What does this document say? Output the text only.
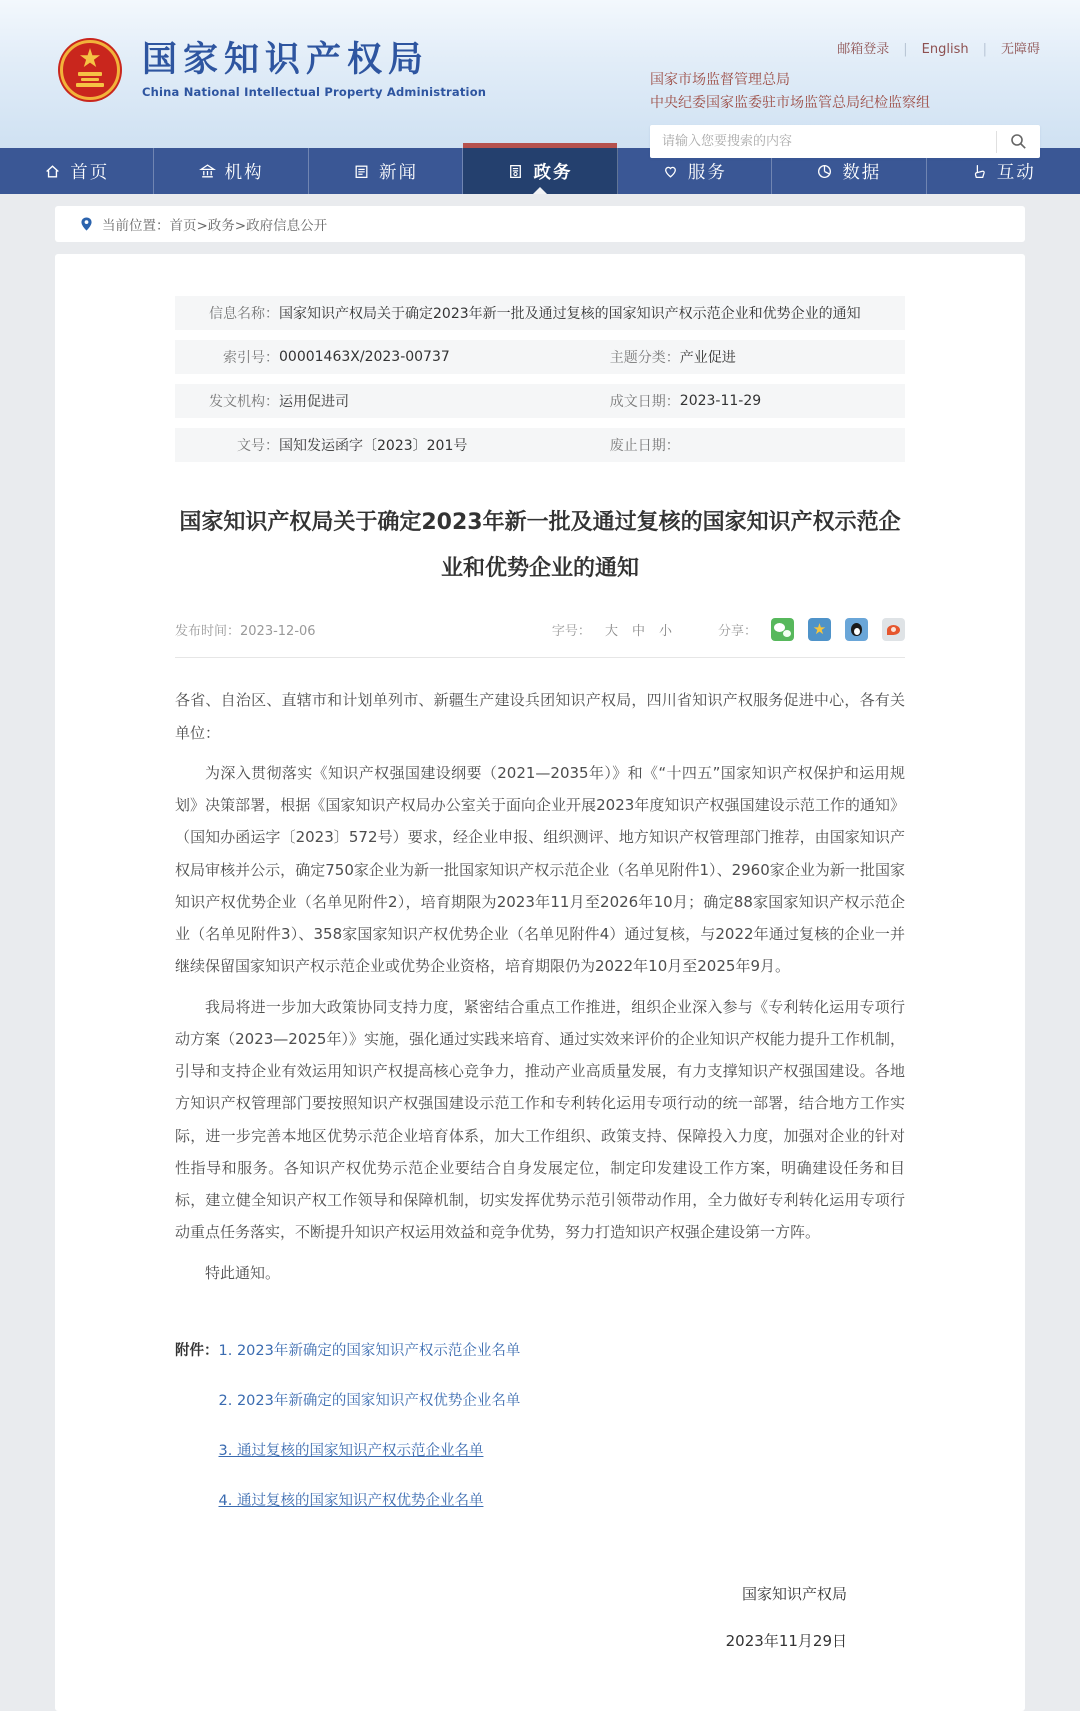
国家知识产权局
China National Intellectual Property Administration
邮箱登录 | English | 无障碍
国家市场监督管理总局
中央纪委国家监委驻市场监管总局纪检监察组
请输入您要搜索的内容
首页	机构	新闻	政务	服务	数据	互动
当前位置： 首页>政务>政府信息公开
信息名称： 国家知识产权局关于确定2023年新一批及通过复核的国家知识产权示范企业和优势企业的通知
索引号： 00001463X/2023-00737	主题分类： 产业促进
发文机构： 运用促进司	成文日期： 2023-11-29
文号： 国知发运函字〔2023〕201号	废止日期：
国家知识产权局关于确定2023年新一批及通过复核的国家知识产权示范企业和优势企业的通知
发布时间：2023-12-06	字号： 大 中 小	分享：	★

各省、自治区、直辖市和计划单列市、新疆生产建设兵团知识产权局，四川省知识产权服务促进中心，各有关单位：

为深入贯彻落实《知识产权强国建设纲要（2021—2035年）》和《“十四五”国家知识产权保护和运用规划》决策部署，根据《国家知识产权局办公室关于面向企业开展2023年度知识产权强国建设示范工作的通知》（国知办函运字〔2023〕572号）要求，经企业申报、组织测评、地方知识产权管理部门推荐，由国家知识产权局审核并公示，确定750家企业为新一批国家知识产权示范企业（名单见附件1）、2960家企业为新一批国家知识产权优势企业（名单见附件2），培育期限为2023年11月至2026年10月；确定88家国家知识产权示范企业（名单见附件3）、358家国家知识产权优势企业（名单见附件4）通过复核，与2022年通过复核的企业一并继续保留国家知识产权示范企业或优势企业资格，培育期限仍为2022年10月至2025年9月。

我局将进一步加大政策协同支持力度，紧密结合重点工作推进，组织企业深入参与《专利转化运用专项行动方案（2023—2025年）》实施，强化通过实践来培育、通过实效来评价的企业知识产权能力提升工作机制，引导和支持企业有效运用知识产权提高核心竞争力，推动产业高质量发展，有力支撑知识产权强国建设。各地方知识产权管理部门要按照知识产权强国建设示范工作和专利转化运用专项行动的统一部署，结合地方工作实际，进一步完善本地区优势示范企业培育体系，加大工作组织、政策支持、保障投入力度，加强对企业的针对性指导和服务。各知识产权优势示范企业要结合自身发展定位，制定印发建设工作方案，明确建设任务和目标，建立健全知识产权工作领导和保障机制，切实发挥优势示范引领带动作用，全力做好专利转化运用专项行动重点任务落实，不断提升知识产权运用效益和竞争优势，努力打造知识产权强企建设第一方阵。

特此通知。

附件： 1. 2023年新确定的国家知识产权示范企业名单
2. 2023年新确定的国家知识产权优势企业名单
3. 通过复核的国家知识产权示范企业名单
4. 通过复核的国家知识产权优势企业名单
国家知识产权局
2023年11月29日
